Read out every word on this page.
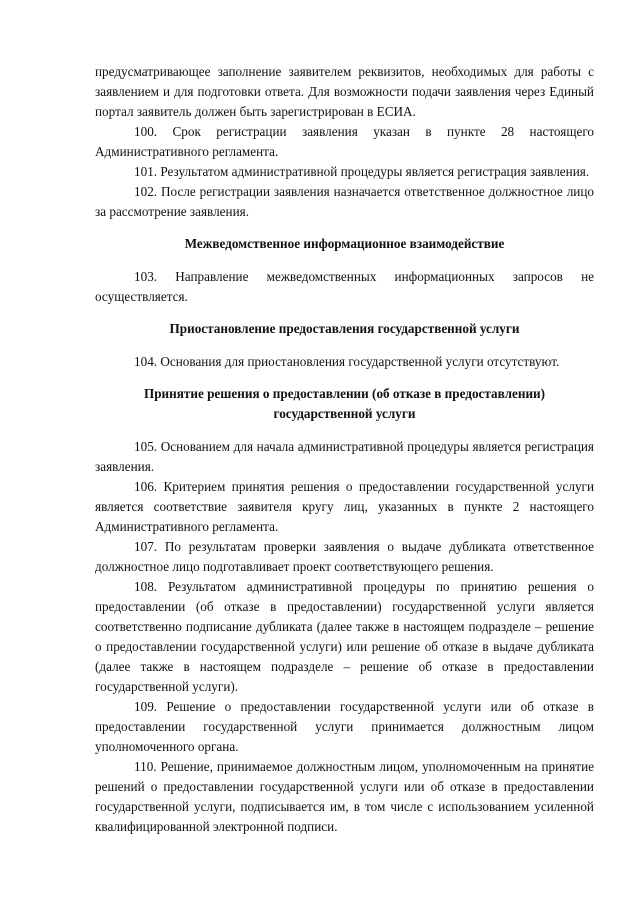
предусматривающее заполнение заявителем реквизитов, необходимых для работы с заявлением и для подготовки ответа. Для возможности подачи заявления через Единый портал заявитель должен быть зарегистрирован в ЕСИА.

100. Срок регистрации заявления указан в пункте 28 настоящего Административного регламента.

101. Результатом административной процедуры является регистрация заявления.

102. После регистрации заявления назначается ответственное должностное лицо за рассмотрение заявления.

Межведомственное информационное взаимодействие

103. Направление межведомственных информационных запросов не осуществляется.

Приостановление предоставления государственной услуги

104. Основания для приостановления государственной услуги отсутствуют.

Принятие решения о предоставлении (об отказе в предоставлении)

государственной услуги

105. Основанием для начала административной процедуры является регистрация заявления.

106. Критерием принятия решения о предоставлении государственной услуги является соответствие заявителя кругу лиц, указанных в пункте 2 настоящего Административного регламента.

107. По результатам проверки заявления о выдаче дубликата ответственное должностное лицо подготавливает проект соответствующего решения.

108. Результатом административной процедуры по принятию решения о предоставлении (об отказе в предоставлении) государственной услуги является соответственно подписание дубликата (далее также в настоящем подразделе – решение о предоставлении государственной услуги) или решение об отказе в выдаче дубликата (далее также в настоящем подразделе – решение об отказе в предоставлении государственной услуги).

109. Решение о предоставлении государственной услуги или об отказе в предоставлении государственной услуги принимается должностным лицом уполномоченного органа.

110. Решение, принимаемое должностным лицом, уполномоченным на принятие решений о предоставлении государственной услуги или об отказе в предоставлении государственной услуги, подписывается им, в том числе с использованием усиленной квалифицированной электронной подписи.
